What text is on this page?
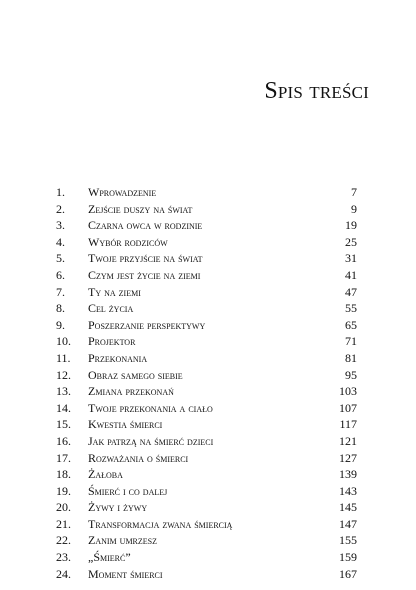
Spis treści
1. Wprowadzenie	7
2. Zejście duszy na świat	9
3. Czarna owca w rodzinie	19
4. Wybór rodziców	25
5. Twoje przyjście na świat	31
6. Czym jest życie na ziemi	41
7. Ty na ziemi	47
8. Cel życia	55
9. Poszerzanie perspektywy	65
10. Projektor	71
11. Przekonania	81
12. Obraz samego siebie	95
13. Zmiana przekonań	103
14. Twoje przekonania a ciało	107
15. Kwestia śmierci	117
16. Jak patrzą na śmierć dzieci	121
17. Rozważania o śmierci	127
18. Żałoba	139
19. Śmierć i co dalej	143
20. Żywy i żywy	145
21. Transformacja zwana śmiercią	147
22. Zanim umrzesz	155
23. „Śmierć”	159
24. Moment śmierci	167
